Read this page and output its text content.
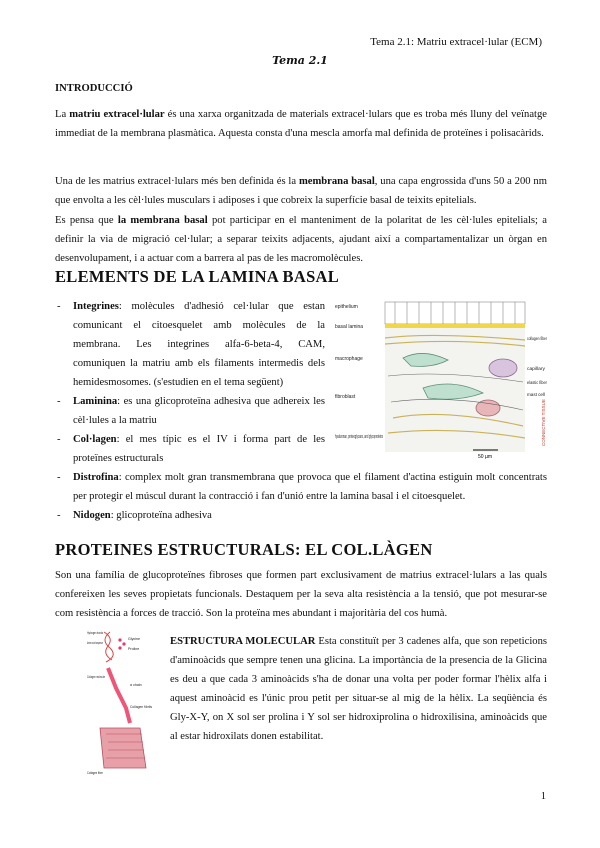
Tema 2.1: Matriu extracel·lular (ECM)
Tema 2.1
INTRODUCCIÓ

La matriu extracel·lular és una xarxa organitzada de materials extracel·lulars que es troba més lluny del veïnatge immediat de la membrana plasmàtica. Aquesta consta d'una mescla amorfa mal definida de proteïnes i polisacàrids.

Una de les matrius extracel·lulars més ben definida és la membrana basal, una capa engrossida d'uns 50 a 200 nm que envolta a les cèl·lules musculars i adiposes i que cobreix la superfície basal de teixits epitelials.

Es pensa que la membrana basal pot participar en el manteniment de la polaritat de les cèl·lules epitelials; a definir la via de migració cel·lular; a separar teixits adjacents, ajudant així a compartamentalizar un òrgan en desenvolupament, i a actuar com a barrera al pas de les macromolècules.

ELEMENTS DE LA LAMINA BASAL
- Integrines: molècules d'adhesió cel·lular que estan comunicant el citoesquelet amb molècules de la membrana. Les integrines alfa-6-beta-4, CAM, comuniquen la matriu amb els filaments intermedis dels hemidesmosomes. (s'estudien en el tema següent)
- Laminina: es una glicoproteïna adhesiva que adhereix les cèl·lules a la matriu
- Col·lagen: el mes típic es el IV i forma part de les proteïnes estructurals
- Distrofina: complex molt gran transmembrana que provoca que el filament d'actina estiguin molt concentrats per protegir el múscul durant la contracció i fan d'unió entre la lamina basal i el citoesquelet.
- Nidogen: glicoproteïna adhesiva
50 µm
epithelium
basal lamina
macrophage
fibroblast
hyaluronan, proteoglycans, and glycoproteins
collagen fiber
capillary
elastic fiber
mast cell
CONNECTIVE TISSUE
PROTEINES ESTRUCTURALS: EL COL.LÀGEN

Son una família de glucoproteïnes fibroses que formen part exclusivament de matrius extracel·lulars a las quals confereixen les seves propietats funcionals. Destaquem per la seva alta resistència a la tensió, que pot mesurar-se com resistència a forces de tracció. Son la proteïna mes abundant i majoritària del cos humà.

Hydrogen bonds
Amino acid sequence
Glycine
Proline
Collagen molecule
α chain
Collagen fibrils
Collagen fiber

ESTRUCTURA MOLECULAR Esta constituït per 3 cadenes alfa, que son repeticions d'aminoàcids que sempre tenen una glicina. La importància de la presencia de la Glicina es deu a que cada 3 aminoàcids s'ha de donar una volta per poder formar l'hèlix alfa i aquest aminoàcid es l'únic prou petit per situar-se al mig de la hèlix. La seqüència és Gly-X-Y, on X sol ser prolina i Y sol ser hidroxiprolina o hidroxilisina, aminoàcids que al estar hidroxilats donen estabilitat.

1
